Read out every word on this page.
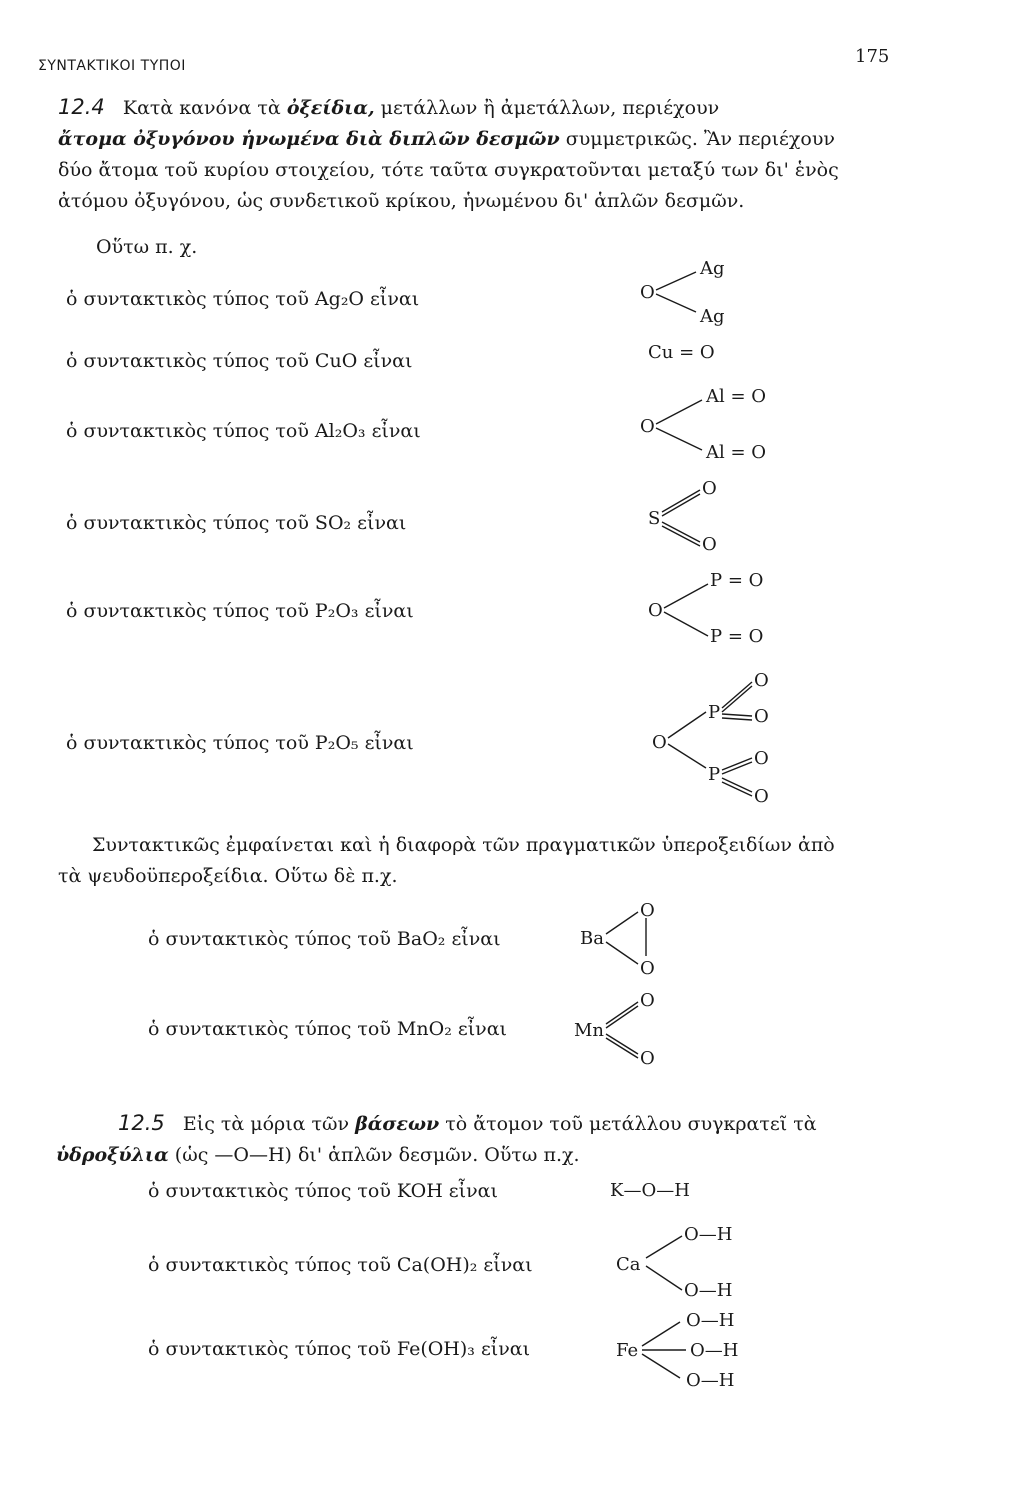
ΣΥΝΤΑΚΤΙΚΟΙ ΤΥΠΟΙ	175
12.4 Κατὰ κανόνα τὰ ὀξείδια, μετάλλων ἢ ἀμετάλλων, περιέχουν
ἄτομα ὀξυγόνου ἡνωμένα διὰ διπλῶν δεσμῶν συμμετρικῶς. Ἂν περιέχουν
δύο ἄτομα τοῦ κυρίου στοιχείου, τότε ταῦτα συγκρατοῦνται μεταξύ των δι' ἑνὸς
ἀτόμου ὀξυγόνου, ὡς συνδετικοῦ κρίκου, ἡνωμένου δι' ἁπλῶν δεσμῶν.
Οὕτω π. χ.
ὁ συντακτικὸς τύπος τοῦ Ag₂O εἶναι
ὁ συντακτικὸς τύπος τοῦ CuO εἶναι
ὁ συντακτικὸς τύπος τοῦ Al₂O₃ εἶναι
ὁ συντακτικὸς τύπος τοῦ SO₂ εἶναι
ὁ συντακτικὸς τύπος τοῦ P₂O₃ εἶναι
ὁ συντακτικὸς τύπος τοῦ P₂O₅ εἶναι
O
Ag
Ag
Cu = O
O
Al = O
Al = O
S
O
O
O
P = O
P = O
O
P
O
O
P
O
O
Συντακτικῶς ἐμφαίνεται καὶ ἡ διαφορὰ τῶν πραγματικῶν ὑπεροξειδίων ἀπὸ
τὰ ψευδοϋπεροξείδια. Οὕτω δὲ π.χ.
ὁ συντακτικὸς τύπος τοῦ BaO₂ εἶναι
ὁ συντακτικὸς τύπος τοῦ MnO₂ εἶναι
Ba
O
O
Mn
O
O
12.5 Εἰς τὰ μόρια τῶν βάσεων τὸ ἄτομον τοῦ μετάλλου συγκρατεῖ τὰ
ὑδροξύλια (ὡς —O—H) δι' ἁπλῶν δεσμῶν. Οὕτω π.χ.
ὁ συντακτικὸς τύπος τοῦ KOH εἶναι
ὁ συντακτικὸς τύπος τοῦ Ca(OH)₂ εἶναι
ὁ συντακτικὸς τύπος τοῦ Fe(OH)₃ εἶναι
K—O—H
Ca
O—H
O—H
Fe
O—H
O—H
O—H
